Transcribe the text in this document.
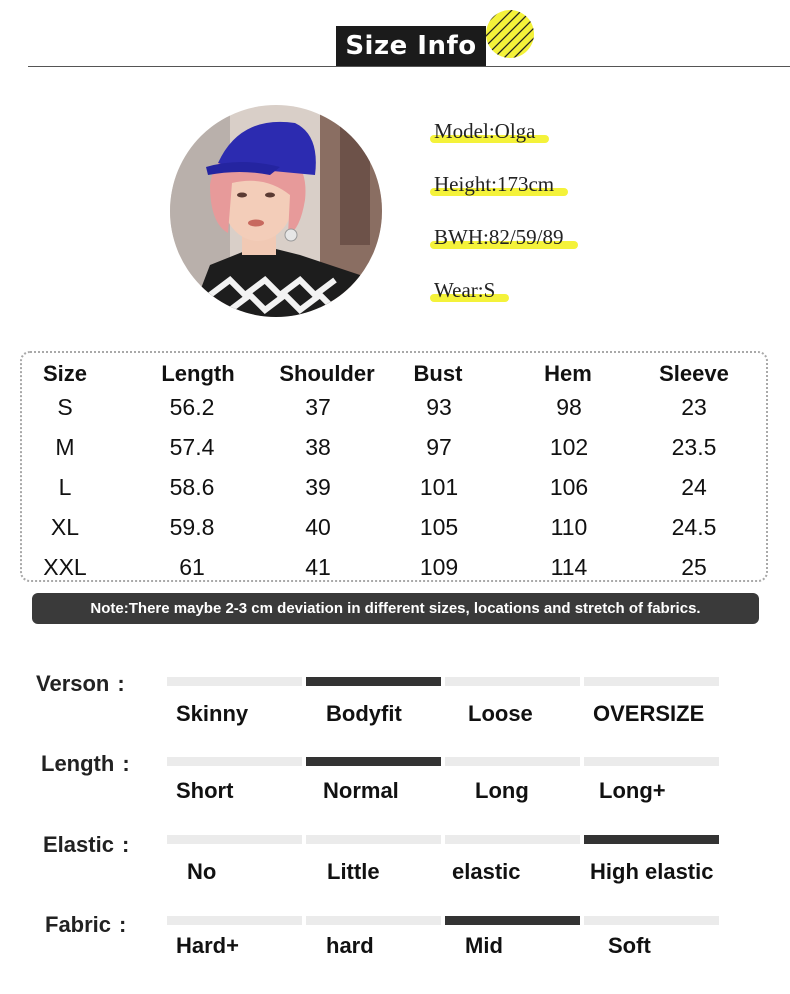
Size Info
Model:Olga
Height:173cm
BWH:82/59/89
Wear:S
Size	Length	Shoulder	Bust	Hem	Sleeve
S	56.2	37	93	98	23
M	57.4	38	97	102	23.5
L	58.6	39	101	106	24
XL	59.8	40	105	110	24.5
XXL	61	41	109	114	25
Note:There maybe 2-3 cm deviation in different sizes, locations and stretch of fabrics.
Verson :
Skinny	Bodyfit	Loose	OVERSIZE
Length :
Short	Normal	Long	Long+
Elastic :
No	Little	elastic	High elastic
Fabric :
Hard+	hard	Mid	Soft
